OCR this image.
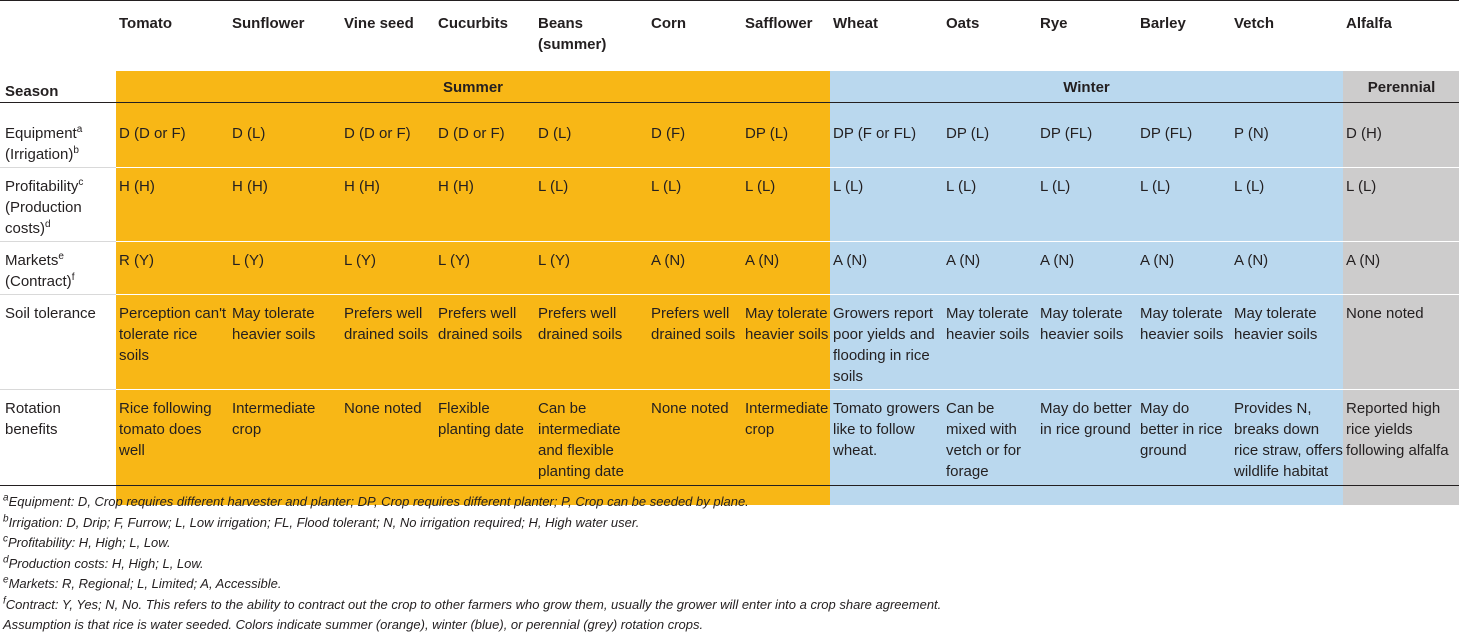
	Tomato	Sunflower	Vine seed	Cucurbits	Beans (summer)	Corn	Safflower	Wheat	Oats	Rye	Barley	Vetch	Alfalfa
Season	Summer							Winter					Perennial

Equipment$^a$
(Irrigation)$^b$	D (D or F)	D (L)	D (D or F)	D (D or F)	D (L)	D (F)	DP (L)	DP (F or FL)	DP (L)	DP (FL)	DP (FL)	P (N)	D (H)
Profitability$^c$
(Production
costs)$^d$	H (H)	H (H)	H (H)	H (H)	L (L)	L (L)	L (L)	L (L)	L (L)	L (L)	L (L)	L (L)	L (L)
Markets$^e$
(Contract)$^f$	R (Y)	L (Y)	L (Y)	L (Y)	L (Y)	A (N)	A (N)	A (N)	A (N)	A (N)	A (N)	A (N)	A (N)
Soil tolerance	Perception can't tolerate rice soils	May tolerate heavier soils	Prefers well drained soils	Prefers well drained soils	Prefers well drained soils	Prefers well drained soils	May tolerate heavier soils	Growers report poor yields and flooding in rice soils	May tolerate heavier soils	May tolerate heavier soils	May tolerate heavier soils	May tolerate heavier soils	None noted
Rotation
benefits	Rice following tomato does well	Intermediate crop	None noted	Flexible planting date	Can be intermediate and flexible planting date	None noted	Intermediate crop	Tomato growers like to follow wheat.	Can be mixed with vetch or for forage	May do better in rice ground	May do better in rice ground	Provides N, breaks down rice straw, offers wildlife habitat	Reported high rice yields following alfalfa
$^a$Equipment: D, Crop requires different harvester and planter; DP, Crop requires different planter; P, Crop can be seeded by plane.
$^b$Irrigation: D, Drip; F, Furrow; L, Low irrigation; FL, Flood tolerant; N, No irrigation required; H, High water user.
$^c$Profitability: H, High; L, Low.
$^d$Production costs: H, High; L, Low.
$^e$Markets: R, Regional; L, Limited; A, Accessible.
$^f$Contract: Y, Yes; N, No. This refers to the ability to contract out the crop to other farmers who grow them, usually the grower will enter into a crop share agreement.
Assumption is that rice is water seeded. Colors indicate summer (orange), winter (blue), or perennial (grey) rotation crops.
